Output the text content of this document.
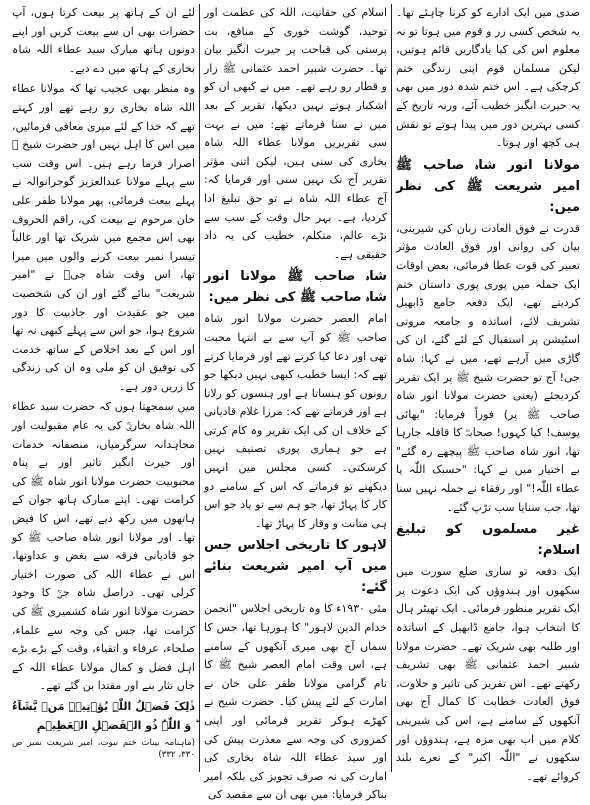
صدی میں ایک ادارے کو کرنا چاہئے تھا۔ یہ شخص کسی زر و قوم میں ہوتا تو نہ معلوم اس کی کیا یادگاریں قائم ہوتیں، لیکن مسلمان قوم اپنی زندگی ختم کرچکی ہے۔ اس ختم شدہ دور میں بھی یہ حیرت انگیز خطیب آئے، ورنہ تاریخ کے کسی بہترین دور میں پیدا ہوتے تو نقش ہی کچھ اور ہوتا۔

مولانا انور شاہ صاحب ﷺ امیر شریعت ﷺ کی نظر میں:

قدرت نے فوق العادت زبان کی شیرینی، بیان کی روانی اور فوق العادت مؤثر تعبیر کی قوت عطا فرمائی، بعض اوقات ایک جملہ میں پوری پوری داستان ختم کردیتے تھے، ایک دفعہ جامع ڈابھیل تشریف لائے، اساتذہ و جامعہ مروتی اسٹیشن پر استقبال کے لئے گئے، ان کی گاڑی میں آرہے تھے، میں نے کہا: شاہ جی! آج تو حضرت شیخ ﷺ پر ایک تقریر کردیجئے (یعنی حضرت مولانا انور شاہ صاحب ﷺ پر) فوراً فرمایا: "بھائی یوسف! کیا کہوں! صحابہؓ کا قافلہ جارہا تھا، انور شاہ صاحب ﷺ پیچھے رہ گئے" بے اختیار میں نے کہا: "حسبک اللّٰہ یا عطاء اللّٰہ!" اور رفقاء نے جملہ نہیں سنا تھا، جب سنایا سب تڑپ گئے۔

غیر مسلموں کو تبلیغ اسلام:

ایک دفعہ تو ساری ضلع سورت میں سکھوں اور ہندوؤں کی ایک دعوت پر ایک تقریر منظور فرمائی۔ ایک تھیٹر ہال کا انتخاب ہوا، جامع ڈابھیل کے اساتذہ اور طلبہ بھی شریک تھے۔ حضرت مولانا شبیر احمد عثمانی ﷺ بھی تشریف رکھتے تھے۔ اس تقریر کی تاثیر و حلاوت، فوق العادت خطابت کا کمال آج بھی آنکھوں کے سامنے ہے، اس کی شیرینی کلام میں اب بھی مزہ ہے، ہندوؤں اور سکھوں نے "اللّٰہ اکبر" کے نعرے بلند کروائے تھے۔

اسلام کی حقانیت، اللہ کی عظمت اور توحید، گوشت خوری کے منافع، بت پرستی کی قباحت پر حیرت انگیز بیان تھا۔ حضرت شبیر احمد عثمانی ﷺ زار و قطار رو رہے تھے۔ میں نے کبھی ان کو اشکبار ہوتے نہیں دیکھا، تقریر کے بعد میں نے سنا فرماتے تھے: میں نے بہت سی تقریریں مولانا عطاء اللہ شاہ بخاری کی سنی ہیں، لیکن اتنی مؤثر تقریر آج تک نہیں سنی اور فرمایا کہ: آج عطاء اللہ شاہ نے تو حق تبلیغ ادا کردیا، ہے۔ بہر حال وقت کے سب سے بڑے عالم، متکلم، خطیب کی یہ داد حقیقی ہے۔

شاہ صاحب ﷺ مولانا انور شاہ صاحب ﷺ کی نظر میں:

امام العصر حضرت مولانا انور شاہ صاحب ﷺ کو آپ سے بے انتہا محبت تھی اور دعا کیا کرتے تھے اور فرمایا کرتے تھے کہ: ایسا خطیب کبھی نہیں دیکھا جو رونوں کو ہنساتا ہے اور ہنسوں کو رلاتا ہے اور فرماتے تھے کہ: مرزا غلام قادیانی کے خلاف ان کی ایک تقریر وہ کام کرتی ہے جو ہماری پوری تصنیف نہیں کرسکتی۔ کسی مجلس میں انہیں دیکھتے تو فرماتے کہ اس کے سامنے دو کار کا پہاڑ تھا، جو ہم سے تو یاد جو اس ہی متانت و وقار کا پہاڑ تھا۔

لاہور کا تاریخی اجلاس جس میں آپ امیر شریعت بنائے گئے:

مئی ۱۹۳۰ء کا وہ تاریخی اجلاس "انجمن خدام الدین لاہور" کا ہورہا تھا، جس کا سماں آج بھی میری آنکھوں کے سامنے ہے، اس وقت امام العصر شیخ ﷺ کا نام گرامی مولانا ظفر علی خان نے امارت کے لئے پیش کیا۔ حضرت شیخ نے کھڑے ہوکر تقریر فرمائی اور اپنی کمزوری کی وجہ سے معذرت پیش کی اور سید عطاء اللہ شاہ بخاری کی امارت کی نہ صرف تجویز کی بلکہ امیر بناکر فرمایا: میں بھی ان سے مقصد کی

لئے ان کے ہاتھ پر بیعت کرتا ہوں، آپ حضرات بھی ان سے بیعت کریں اور اپنے دونوں ہاتھ مبارک سید عطاء اللہ شاہ بخاری کے ہاتھ میں دے دیے۔

وہ منظر بھی عجیب تھا کہ مولانا عطاء اللہ شاہ بخاری رو رہے تھے اور کہتے تھے کہ خدا کے لئے میری معافی فرمائیں، میں اس کا اہل نہیں اور حضرت شیخ ﷺ اصرار فرما رہے ہیں۔ اس وقت سب سے پہلے مولانا عبدالعزیز گوجرانوالہ نے پہلے بیعت فرمائی، پھر مولانا ظفر علی خان مرحوم نے بیعت کی، راقم الحروف بھی اس مجمع میں شریک تھا اور غالباً تیسرا نمبر بیعت کرنے والوں میں میرا تھا، اس وقت شاہ جیؒ نے "امیر شریعت" بنائے گئے اور ان کی شخصیت میں جو عقیدت اور جاذبیت کا دور شروع ہوا، جو اس سے پہلے کبھی نہ تھا اور اس کے بعد اخلاص کے ساتھ خدمت کی توفیق ان کو ملی وہ ان کی زندگی کا زریں دور ہے۔

میں سمجھتا ہوں کہ حضرت سید عطاء اللہ شاہ بخاریؒ کی یہ عام مقبولیت اور مجاہدانہ سرگرمیاں، منصفانہ خدمات اور حیرت انگیز تاثیر اور بے پناہ محبوبیت حضرت مولانا انور شاہ ﷺ کی کرامت تھی۔ اپنے مبارک ہاتھ جوان کے ہاتھوں میں رکھ دیے تھے، اس کا فیض تھا۔ اور مولانا انور شاہ صاحب ﷺ کو جو قادیانی فرقہ سے بغض و عداوتھا، اس نے عطاء اللہ کی صورت اختیار کرلی تھی۔ دراصل شاہ جیؒ کا وجود حضرت مولانا انور شاہ کشمیری ﷺ کی کرامت تھا، جس کی وجہ سے علماء، صلحاء، عرفاء و اتقیاء، وقت کے بڑے بڑے اہل فضل و کمال مولانا عطاء اللہ کے جاں نثار بنے اور مقتدا بن گئے تھے۔

ذٰلِکَ فَضۡلُ اللّٰہِ یُؤۡتِیۡہِ مَنۡ یَّشَآءُ ؕ وَ اللّٰہُ ذُو الۡفَضۡلِ الۡعَظِیۡمِ

(ماہنامہ بینات ختم نبوت، امیر شریعت نمبر ص ۳۳۰، ۳۳۲)
